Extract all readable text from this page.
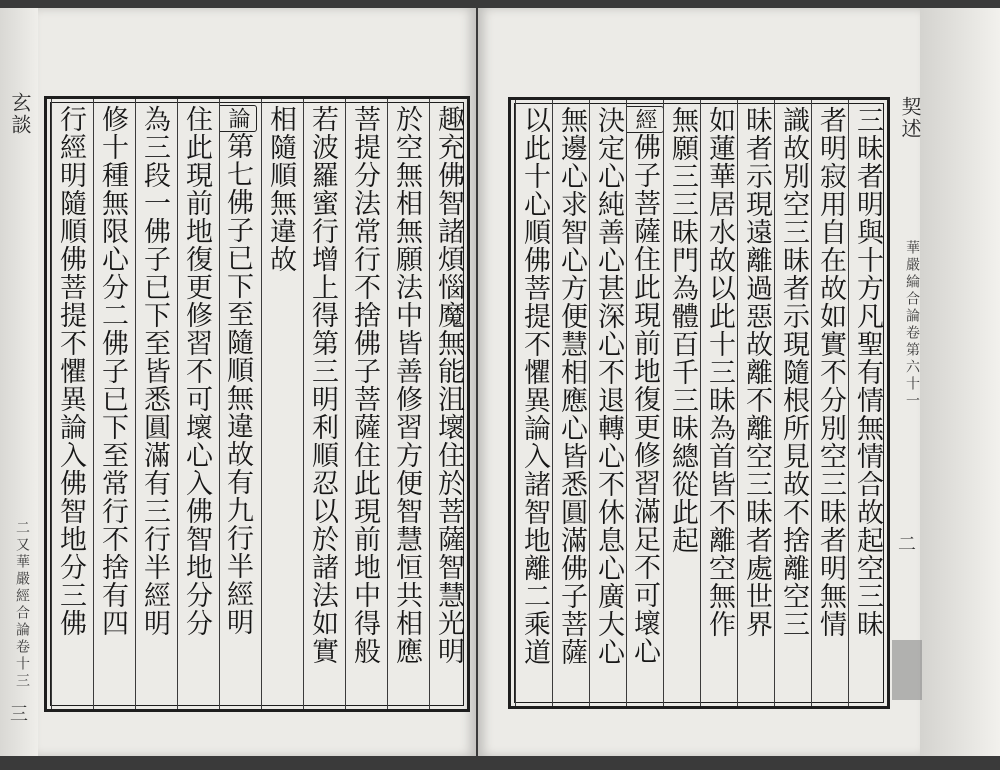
玄談
二又華嚴經合論卷十三
三
契述
華嚴綸合論卷第六十一
二
行經明隨順佛菩提不懼異論入佛智地分三佛 修十種無限心分二佛子已下至常行不捨有四 為三段一佛子已下至皆悉圓滿有三行半經明 住此現前地復更修習不可壞心入佛智地分分 論第七佛子已下至隨順無違故有九行半經明 相隨順無違故 若波羅蜜行增上得第三明利順忍以於諸法如實 菩提分法常行不捨佛子菩薩住此現前地中得般 於空無相無願法中皆善修習方便智慧恒共相應 趣充佛智諸煩惱魔無能沮壞住於菩薩智慧光明 以此十心順佛菩提不懼異論入諸智地離二乘道 無邊心求智心方便慧相應心皆悉圓滿佛子菩薩 決定心純善心甚深心不退轉心不休息心廣大心 經佛子菩薩住此現前地復更修習滿足不可壞心 無願三三昧門為體百千三昧總從此起 如蓮華居水故以此十三昧為首皆不離空無作 昧者示現遠離過惡故離不離空三昧者處世界 識故別空三昧者示現隨根所見故不捨離空三 者明寂用自在故如實不分別空三昧者明無情 三昧者明與十方凡聖有情無情合故起空三昧
